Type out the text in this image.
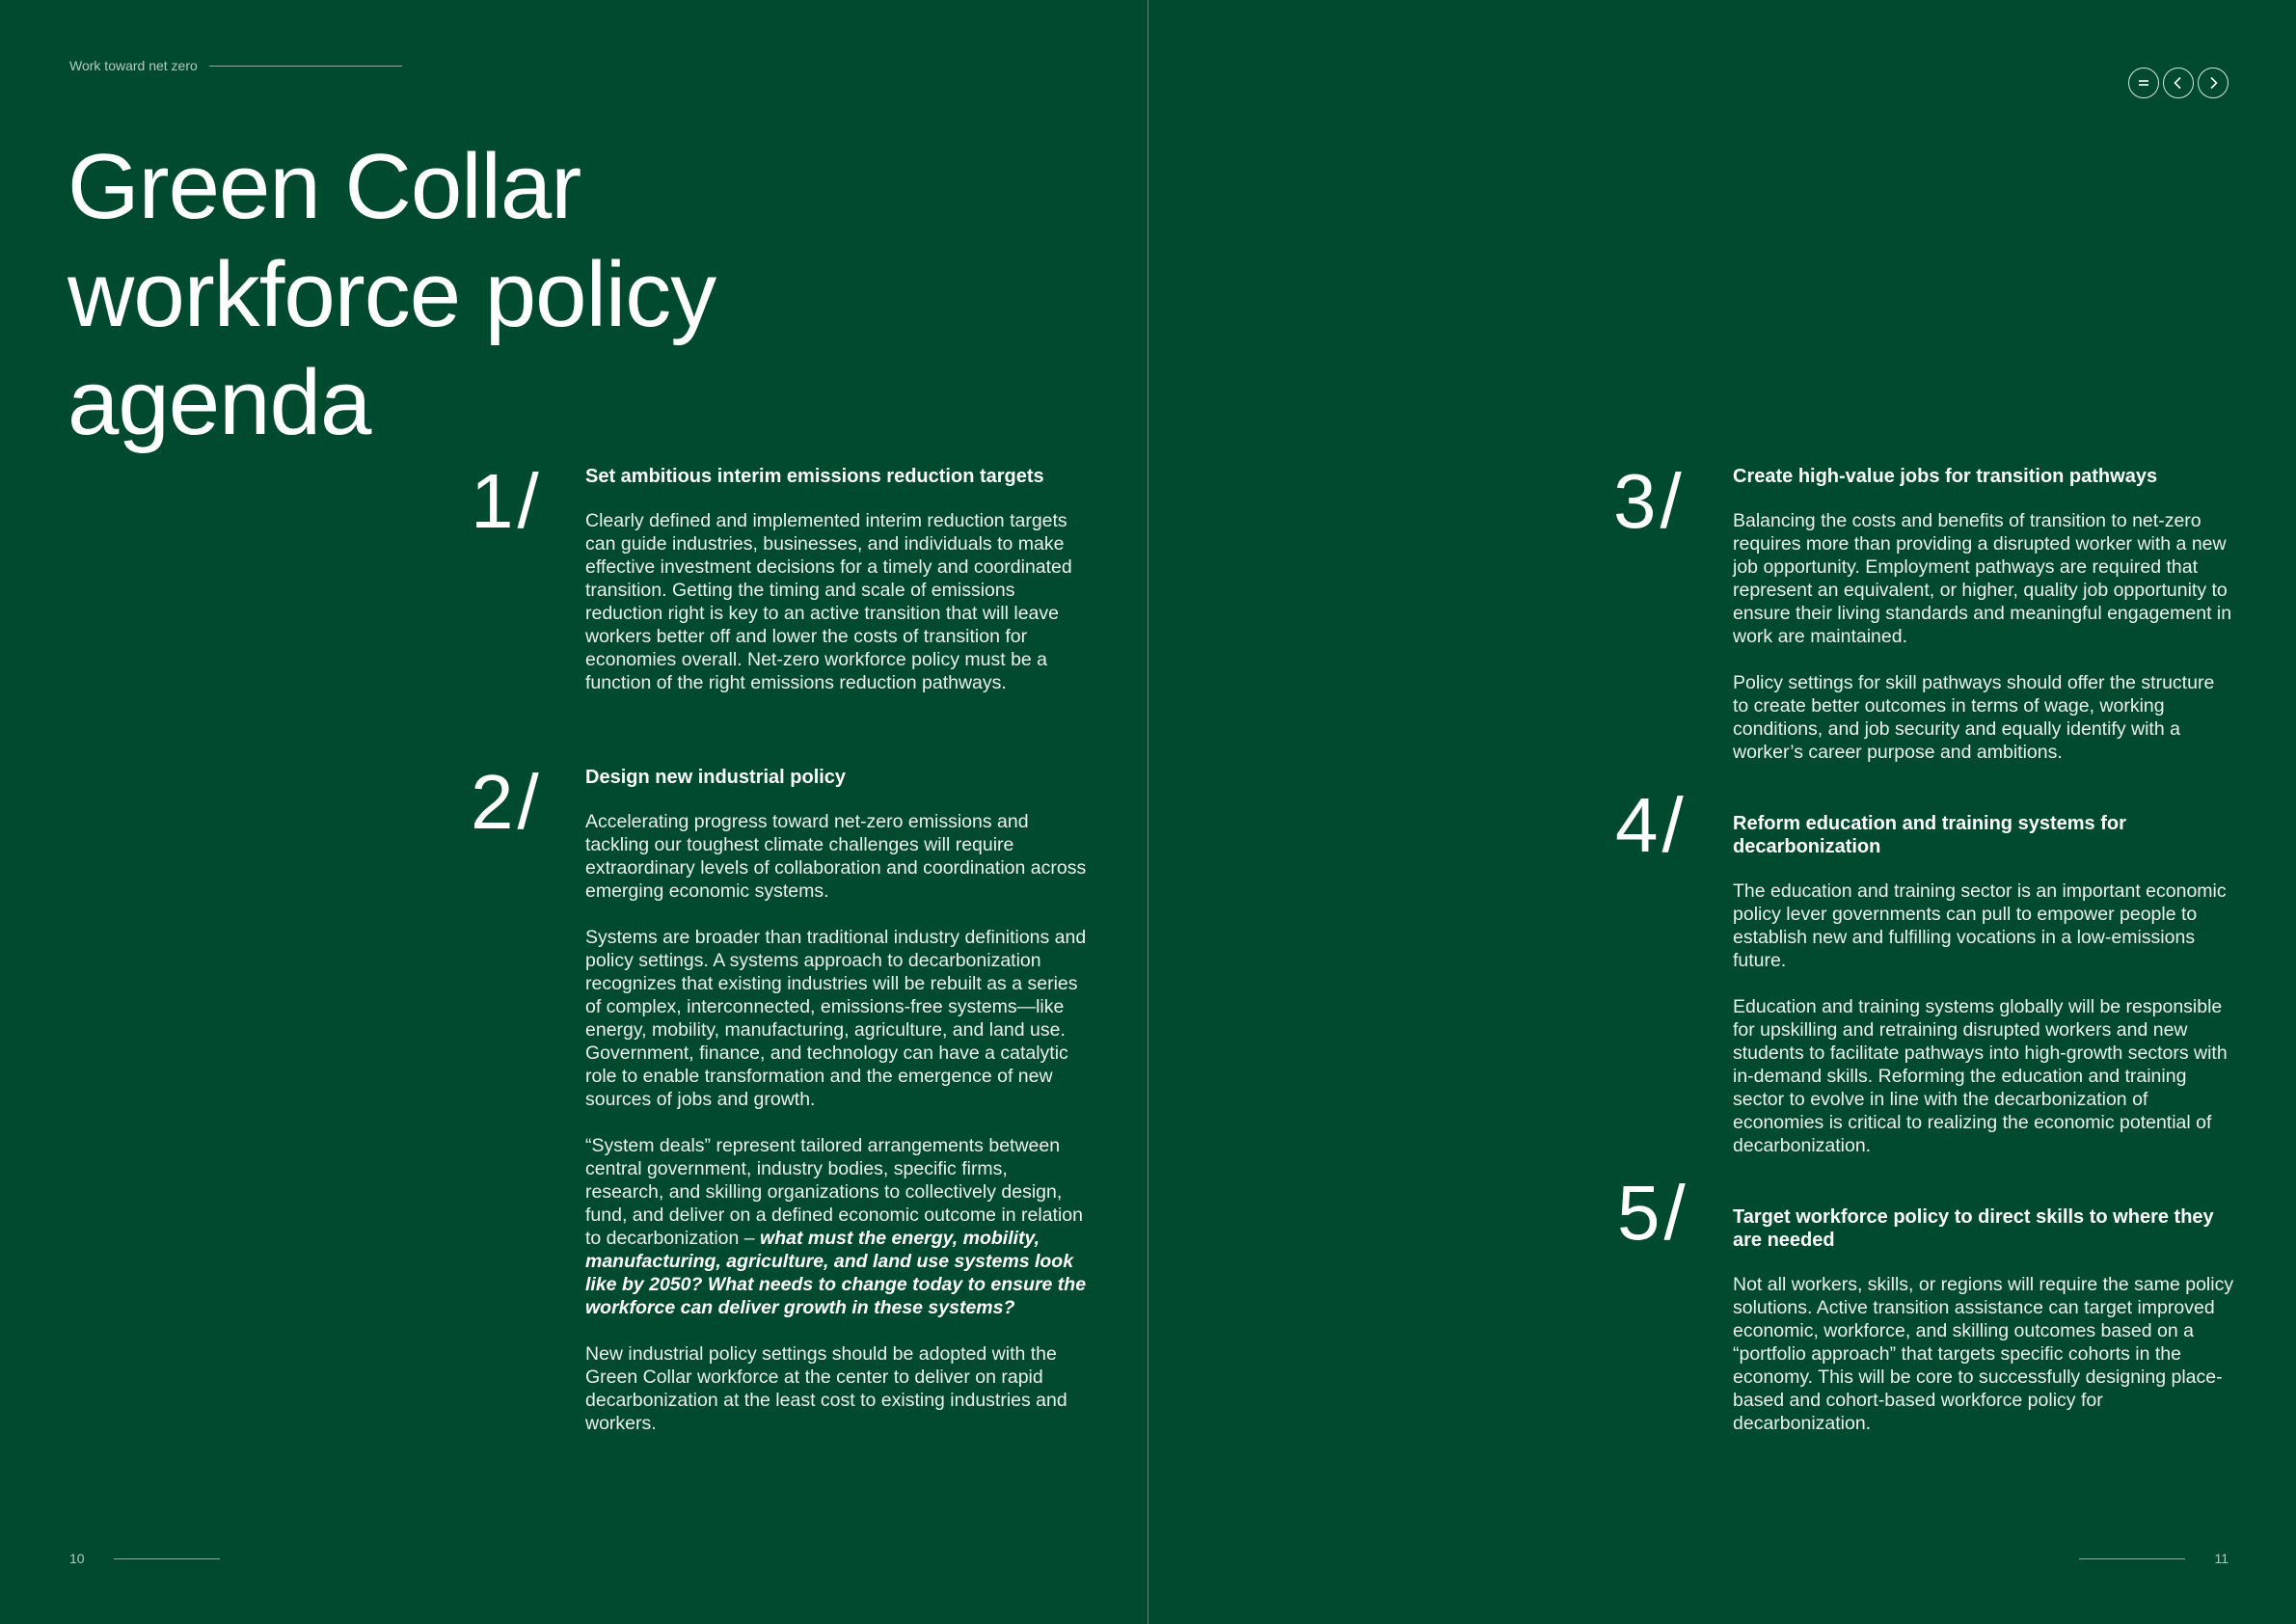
Work toward net zero
Green Collar
workforce policy
agenda
1/ Set ambitious interim emissions reduction targets

Clearly defined and implemented interim reduction targets can guide industries, businesses, and individuals to make effective investment decisions for a timely and coordinated transition. Getting the timing and scale of emissions reduction right is key to an active transition that will leave workers better off and lower the costs of transition for economies overall. Net-zero workforce policy must be a function of the right emissions reduction pathways.

2/ Design new industrial policy

Accelerating progress toward net-zero emissions and tackling our toughest climate challenges will require extraordinary levels of collaboration and coordination across emerging economic systems.

Systems are broader than traditional industry definitions and policy settings. A systems approach to decarbonization recognizes that existing industries will be rebuilt as a series of complex, interconnected, emissions-free systems—like energy, mobility, manufacturing, agriculture, and land use. Government, finance, and technology can have a catalytic role to enable transformation and the emergence of new sources of jobs and growth.

“System deals” represent tailored arrangements between central government, industry bodies, specific firms, research, and skilling organizations to collectively design, fund, and deliver on a defined economic outcome in relation to decarbonization – what must the energy, mobility, manufacturing, agriculture, and land use systems look like by 2050? What needs to change today to ensure the workforce can deliver growth in these systems?

New industrial policy settings should be adopted with the Green Collar workforce at the center to deliver on rapid decarbonization at the least cost to existing industries and workers.

10
3/ Create high-value jobs for transition pathways

Balancing the costs and benefits of transition to net-zero requires more than providing a disrupted worker with a new job opportunity. Employment pathways are required that represent an equivalent, or higher, quality job opportunity to ensure their living standards and meaningful engagement in work are maintained.

Policy settings for skill pathways should offer the structure to create better outcomes in terms of wage, working conditions, and job security and equally identify with a worker’s career purpose and ambitions.

4/ Reform education and training systems for decarbonization

The education and training sector is an important economic policy lever governments can pull to empower people to establish new and fulfilling vocations in a low-emissions future.

Education and training systems globally will be responsible for upskilling and retraining disrupted workers and new students to facilitate pathways into high-growth sectors with in-demand skills. Reforming the education and training sector to evolve in line with the decarbonization of economies is critical to realizing the economic potential of decarbonization.

5/ Target workforce policy to direct skills to where they are needed

Not all workers, skills, or regions will require the same policy solutions. Active transition assistance can target improved economic, workforce, and skilling outcomes based on a “portfolio approach” that targets specific cohorts in the economy. This will be core to successfully designing place-based and cohort-based workforce policy for decarbonization.

11
